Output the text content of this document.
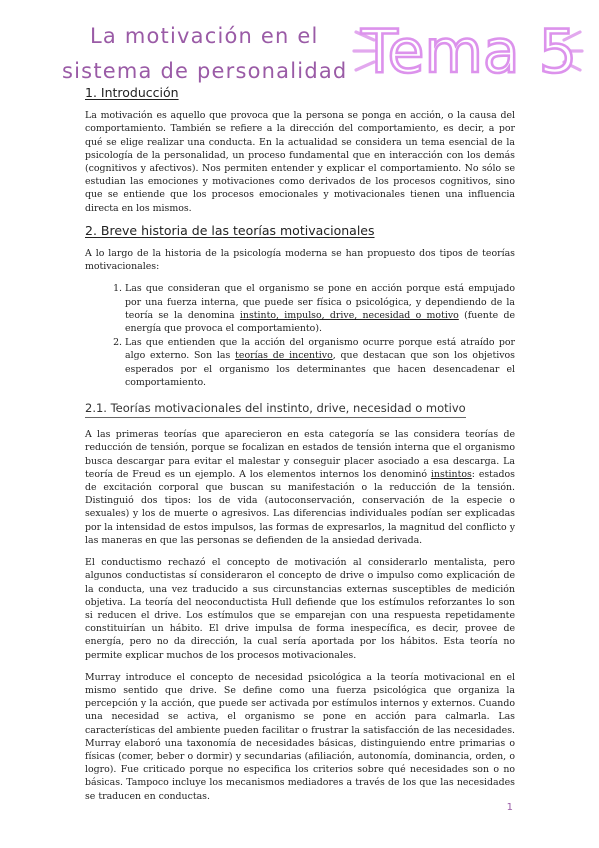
La motivación en el
sistema de personalidad Tema 5
1. Introducción

La motivación es aquello que provoca que la persona se ponga en acción, o la causa del comportamiento. También se refiere a la dirección del comportamiento, es decir, a por qué se elige realizar una conducta. En la actualidad se considera un tema esencial de la psicología de la personalidad, un proceso fundamental que en interacción con los demás (cognitivos y afectivos). Nos permiten entender y explicar el comportamiento. No sólo se estudian las emociones y motivaciones como derivados de los procesos cognitivos, sino que se entiende que los procesos emocionales y motivacionales tienen una influencia directa en los mismos.

2. Breve historia de las teorías motivacionales

A lo largo de la historia de la psicología moderna se han propuesto dos tipos de teorías motivacionales:

1. Las que consideran que el organismo se pone en acción porque está empujado por una fuerza interna, que puede ser física o psicológica, y dependiendo de la teoría se la denomina instinto, impulso, drive, necesidad o motivo (fuente de energía que provoca el comportamiento).
2. Las que entienden que la acción del organismo ocurre porque está atraído por algo externo. Son las teorías de incentivo, que destacan que son los objetivos esperados por el organismo los determinantes que hacen desencadenar el comportamiento.
2.1. Teorías motivacionales del instinto, drive, necesidad o motivo

A las primeras teorías que aparecieron en esta categoría se las considera teorías de reducción de tensión, porque se focalizan en estados de tensión interna que el organismo busca descargar para evitar el malestar y conseguir placer asociado a esa descarga. La teoría de Freud es un ejemplo. A los elementos internos los denominó instintos: estados de excitación corporal que buscan su manifestación o la reducción de la tensión. Distinguió dos tipos: los de vida (autoconservación, conservación de la especie o sexuales) y los de muerte o agresivos. Las diferencias individuales podían ser explicadas por la intensidad de estos impulsos, las formas de expresarlos, la magnitud del conflicto y las maneras en que las personas se defienden de la ansiedad derivada.

El conductismo rechazó el concepto de motivación al considerarlo mentalista, pero algunos conductistas sí consideraron el concepto de drive o impulso como explicación de la conducta, una vez traducido a sus circunstancias externas susceptibles de medición objetiva. La teoría del neoconductista Hull defiende que los estímulos reforzantes lo son si reducen el drive. Los estímulos que se emparejan con una respuesta repetidamente constituirían un hábito. El drive impulsa de forma inespecífica, es decir, provee de energía, pero no da dirección, la cual sería aportada por los hábitos. Esta teoría no permite explicar muchos de los procesos motivacionales.

Murray introduce el concepto de necesidad psicológica a la teoría motivacional en el mismo sentido que drive. Se define como una fuerza psicológica que organiza la percepción y la acción, que puede ser activada por estímulos internos y externos. Cuando una necesidad se activa, el organismo se pone en acción para calmarla. Las características del ambiente pueden facilitar o frustrar la satisfacción de las necesidades. Murray elaboró una taxonomía de necesidades básicas, distinguiendo entre primarias o físicas (comer, beber o dormir) y secundarias (afiliación, autonomía, dominancia, orden, o logro). Fue criticado porque no especifica los criterios sobre qué necesidades son o no básicas. Tampoco incluye los mecanismos mediadores a través de los que las necesidades se traducen en conductas.

1
